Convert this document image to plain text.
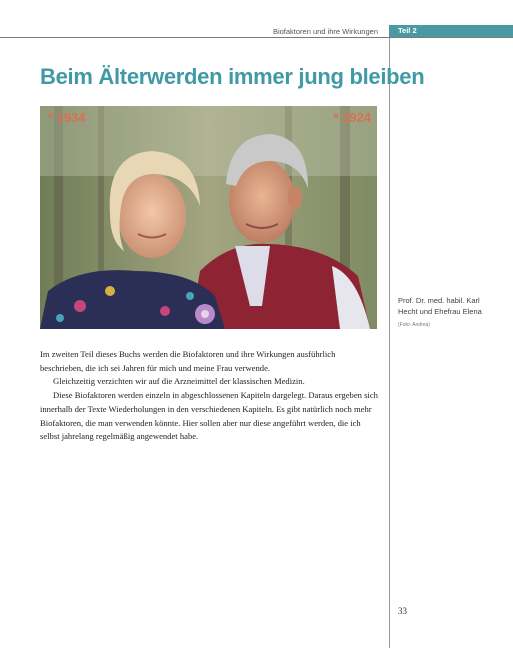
Biofaktoren und ihre Wirkungen	Teil 2
Beim Älterwerden immer jung bleiben
* 1934	* 1924
Prof. Dr. med. habil. Karl
Hecht und Ehefrau Elena
(Foto: Andrea)

Im zweiten Teil dieses Buchs werden die Biofaktoren und ihre Wirkungen ausführlich beschrieben, die ich sei Jahren für mich und meine Frau verwende.

Gleichzeitig verzichten wir auf die Arzneimittel der klassischen Medizin.

Diese Biofaktoren werden einzeln in abgeschlossenen Kapiteln dargelegt. Daraus ergeben sich innerhalb der Texte Wiederholungen in den verschiedenen Kapiteln. Es gibt natürlich noch mehr Biofaktoren, die man verwenden könnte. Hier sollen aber nur diese angeführt werden, die ich selbst jahrelang regelmäßig angewendet habe.

33
